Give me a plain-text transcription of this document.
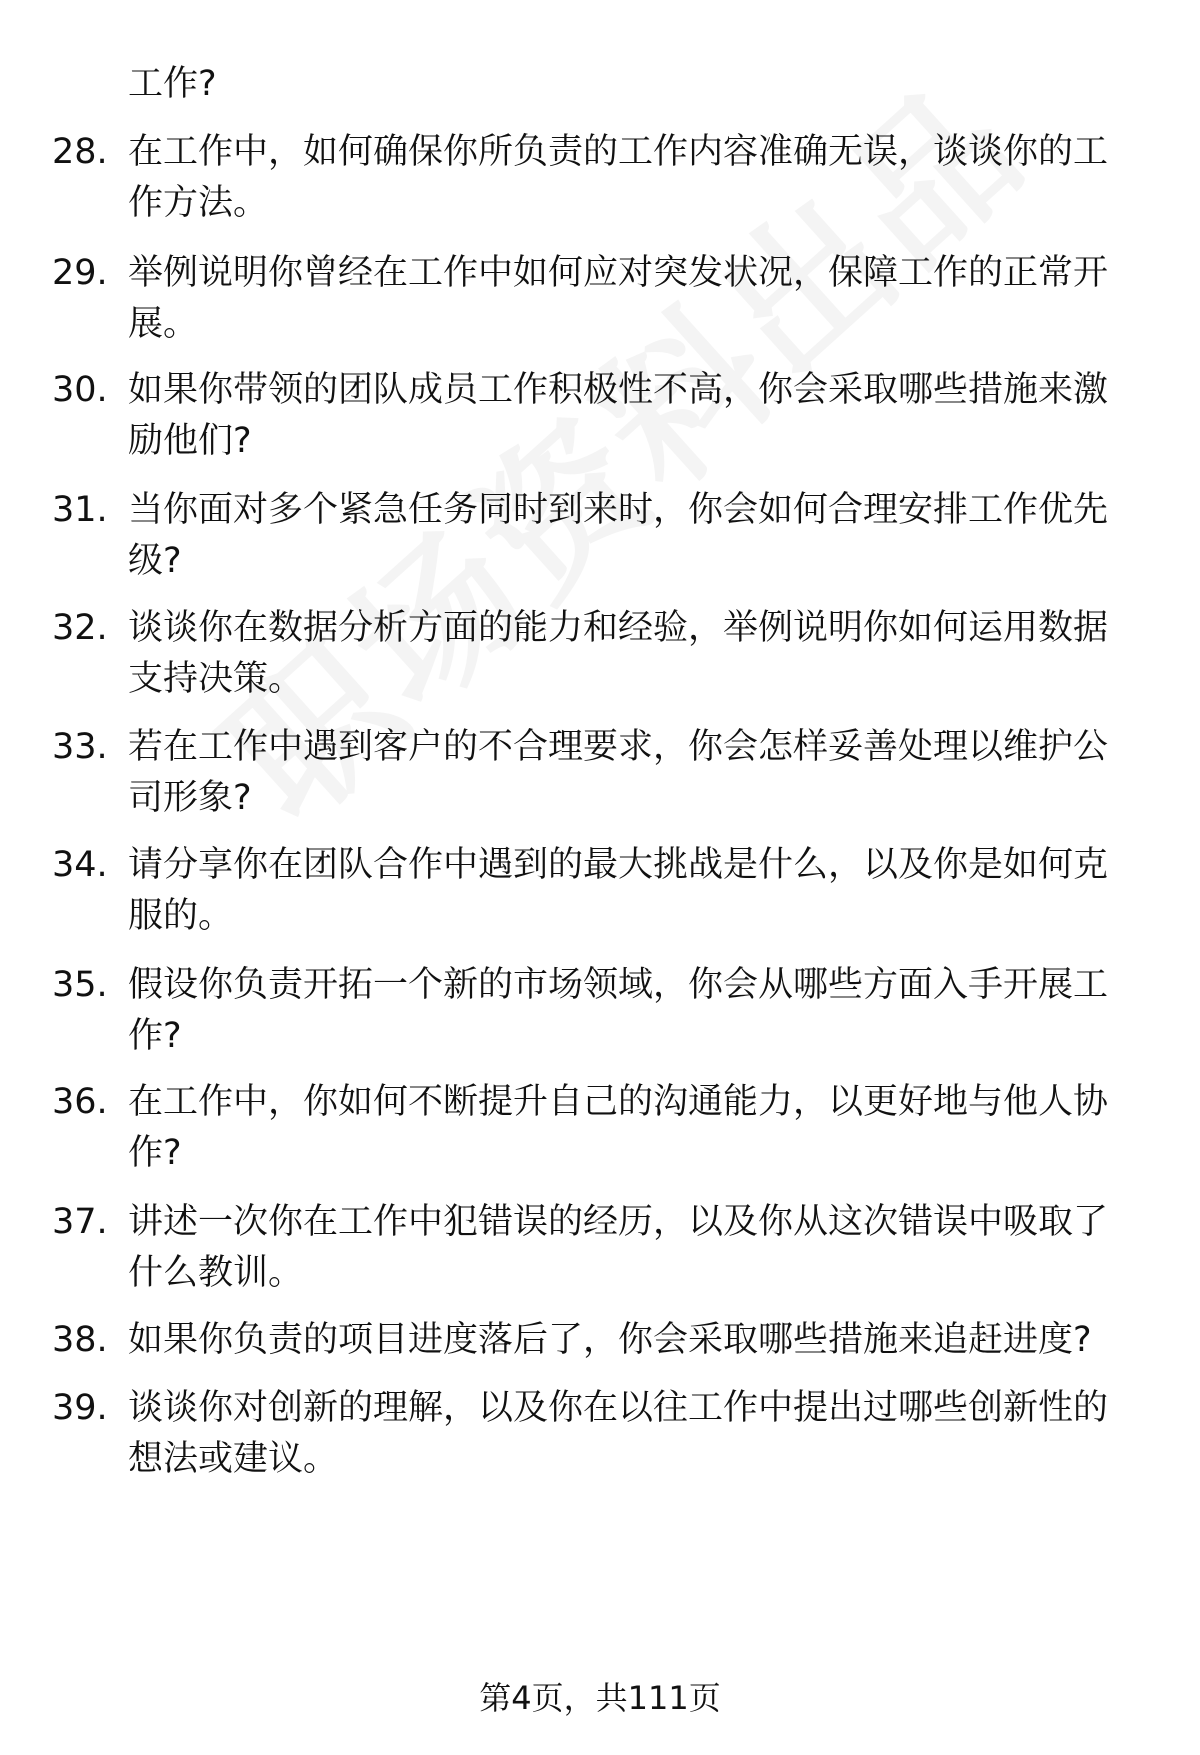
工作?
28. 在工作中，如何确保你所负责的工作内容准确无误，谈谈你的工作方法。
29. 举例说明你曾经在工作中如何应对突发状况，保障工作的正常开展。
30. 如果你带领的团队成员工作积极性不高，你会采取哪些措施来激励他们?
31. 当你面对多个紧急任务同时到来时，你会如何合理安排工作优先级?
32. 谈谈你在数据分析方面的能力和经验，举例说明你如何运用数据支持决策。
33. 若在工作中遇到客户的不合理要求，你会怎样妥善处理以维护公司形象?
34. 请分享你在团队合作中遇到的最大挑战是什么，以及你是如何克服的。
35. 假设你负责开拓一个新的市场领域，你会从哪些方面入手开展工作?
36. 在工作中，你如何不断提升自己的沟通能力，以更好地与他人协作?
37. 讲述一次你在工作中犯错误的经历，以及你从这次错误中吸取了什么教训。
38. 如果你负责的项目进度落后了，你会采取哪些措施来追赶进度?
39. 谈谈你对创新的理解，以及你在以往工作中提出过哪些创新性的想法或建议。
第4页，共111页
